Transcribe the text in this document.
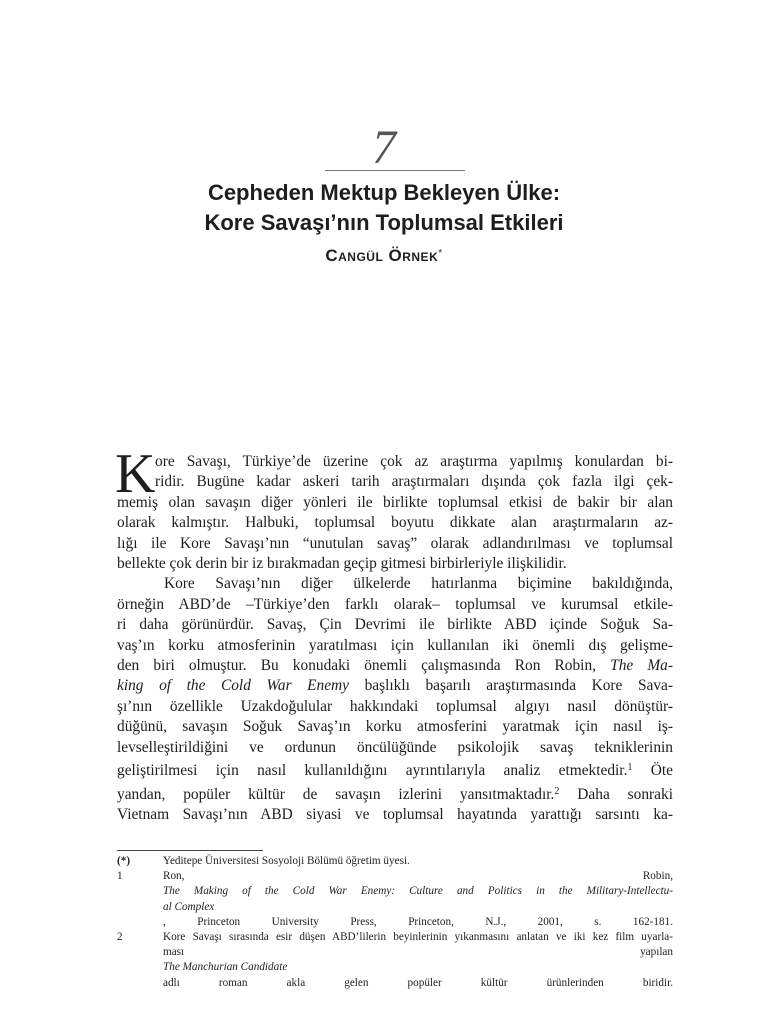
7
Cepheden Mektup Bekleyen Ülke:
Kore Savaşı’nın Toplumsal Etkileri
Cangül Örnek*
K ore Savaşı, Türkiye’de üzerine çok az araştırma yapılmış konulardan bi-
ridir. Bugüne kadar askeri tarih araştırmaları dışında çok fazla ilgi çek-
memiş olan savaşın diğer yönleri ile birlikte toplumsal etkisi de bakir bir alan
olarak kalmıştır. Halbuki, toplumsal boyutu dikkate alan araştırmaların az-
lığı ile Kore Savaşı’nın “unutulan savaş” olarak adlandırılması ve toplumsal
bellekte çok derin bir iz bırakmadan geçip gitmesi birbirleriyle ilişkilidir.
Kore Savaşı’nın diğer ülkelerde hatırlanma biçimine bakıldığında,
örneğin ABD’de –Türkiye’den farklı olarak– toplumsal ve kurumsal etkile-
ri daha görünürdür. Savaş, Çin Devrimi ile birlikte ABD içinde Soğuk Sa-
vaş’ın korku atmosferinin yaratılması için kullanılan iki önemli dış gelişme-
den biri olmuştur. Bu konudaki önemli çalışmasında Ron Robin, The Ma-
king of the Cold War Enemy başlıklı başarılı araştırmasında Kore Sava-
şı’nın özellikle Uzakdoğulular hakkındaki toplumsal algıyı nasıl dönüştür-
düğünü, savaşın Soğuk Savaş’ın korku atmosferini yaratmak için nasıl iş-
levselleştirildiğini ve ordunun öncülüğünde psikolojik savaş tekniklerinin
geliştirilmesi için nasıl kullanıldığını ayrıntılarıyla analiz etmektedir.$^1$ Öte
yandan, popüler kültür de savaşın izlerini yansıtmaktadır.$^2$ Daha sonraki
Vietnam Savaşı’nın ABD siyasi ve toplumsal hayatında yarattığı sarsıntı ka-
(*)	Yeditepe Üniversitesi Sosyoloji Bölümü öğretim üyesi.
1	Ron, Robin,
The Making of the Cold War Enemy: Culture and Politics in the Military-Intellectu-
al Complex
, Princeton University Press, Princeton, N.J., 2001, s. 162-181.
2	Kore Savaşı sırasında esir düşen ABD’lilerin beyinlerinin yıkanmasını anlatan ve iki kez film uyarla-
ması yapılan
The Manchurian Candidate
adlı roman akla gelen popüler kültür ürünlerinden biridir.
